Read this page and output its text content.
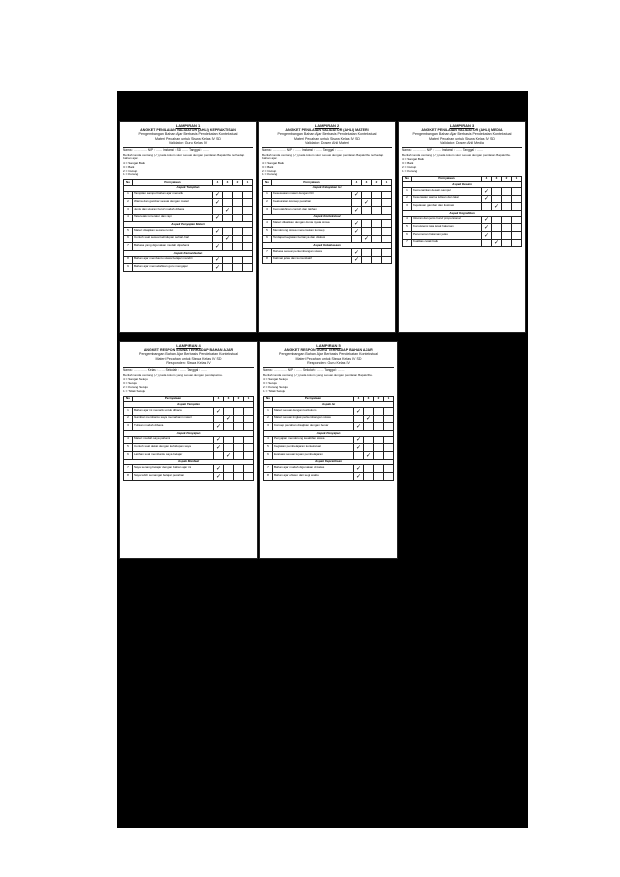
LAMPIRAN 1
ANGKET PENILAIAN VALIDATOR (AHLI) KEPRAKTISAN
Pengembangan Bahan Ajar Berbasis Pendekatan Kontekstual
Materi Pecahan untuk Siswa Kelas IV SD
Validator: Guru Kelas IV
Nama : ………… NIP : …… Instansi : SD …… Tanggal : ……
Berilah tanda centang (✓) pada kolom skor sesuai dengan penilaian Bapak/Ibu terhadap bahan ajar.
4 = Sangat Baik
3 = Baik
2 = Cukup
1 = Kurang
No	Pernyataan	4	3	2	1
Aspek Tampilan					
1	Tampilan sampul bahan ajar menarik	✓			
2	Warna dan gambar sesuai dengan materi	✓			
3	Jenis dan ukuran huruf mudah dibaca		✓		
4	Tata letak isi teratur dan rapi	✓			
Aspek Penyajian Materi					
5	Materi disajikan secara runtut	✓			
6	Contoh soal sesuai kehidupan sehari-hari		✓		
7	Bahasa yang digunakan mudah dipahami	✓			
Aspek Kemanfaatan					
8	Bahan ajar membantu siswa belajar mandiri	✓			
9	Bahan ajar memudahkan guru mengajar	✓			
LAMPIRAN 2
ANGKET PENILAIAN VALIDATOR (AHLI) MATERI
Pengembangan Bahan Ajar Berbasis Pendekatan Kontekstual
Materi Pecahan untuk Siswa Kelas IV SD
Validator: Dosen Ahli Materi
Nama : ………… NIP : …… Instansi : …… Tanggal : ……
Berilah tanda centang (✓) pada kolom skor sesuai dengan penilaian Bapak/Ibu terhadap bahan ajar.
4 = Sangat Baik
3 = Baik
2 = Cukup
1 = Kurang
No	Pernyataan	4	3	2	1
Aspek Kelayakan Isi					
1	Kesesuaian materi dengan KD	✓			
2	Keakuratan konsep pecahan		✓		
3	Kemutakhiran contoh dan latihan	✓			
Aspek Kontekstual					
4	Materi dikaitkan dengan dunia nyata siswa	✓			
5	Mendorong siswa menemukan konsep	✓			
6	Terdapat kegiatan bertanya dan diskusi		✓		
Aspek Kebahasaan					
7	Bahasa sesuai perkembangan siswa	✓			
8	Kalimat jelas dan komunikatif	✓			
LAMPIRAN 3
ANGKET PENILAIAN VALIDATOR (AHLI) MEDIA
Pengembangan Bahan Ajar Berbasis Pendekatan Kontekstual
Materi Pecahan untuk Siswa Kelas IV SD
Validator: Dosen Ahli Media
Nama : ………… NIP : …… Instansi : …… Tanggal : ……
Berilah tanda centang (✓) pada kolom skor sesuai dengan penilaian Bapak/Ibu.
4 = Sangat Baik
3 = Baik
2 = Cukup
1 = Kurang
No	Pernyataan	4	3	2	1
Aspek Desain					
1	Kemenarikan desain sampul	✓			
2	Keserasian warna tulisan dan latar	✓			
3	Kejelasan gambar dan ilustrasi		✓		
Aspek Kegrafikan					
4	Ukuran dan jenis huruf proporsional	✓			
5	Konsistensi tata letak halaman	✓			
6	Penomoran halaman jelas	✓			
7	Kualitas cetak baik		✓		
LAMPIRAN 4
ANGKET RESPON SISWA TERHADAP BAHAN AJAR
Pengembangan Bahan Ajar Berbasis Pendekatan Kontekstual
Materi Pecahan untuk Siswa Kelas IV SD
Responden: Siswa Kelas IV
Nama : ………… Kelas : …… Sekolah : …… Tanggal : ……
Berilah tanda centang (✓) pada kolom yang sesuai dengan pendapatmu.
4 = Sangat Setuju
3 = Setuju
2 = Kurang Setuju
1 = Tidak Setuju
No	Pernyataan	4	3	2	1
Aspek Tampilan					
1	Bahan ajar ini menarik untuk dibaca	✓			
2	Gambar membantu saya memahami materi		✓		
3	Tulisan mudah dibaca	✓			
Aspek Penyajian					
4	Materi mudah saya pahami	✓			
5	Contoh soal dekat dengan kehidupan saya	✓			
6	Latihan soal membantu saya belajar		✓		
Aspek Manfaat					
7	Saya senang belajar dengan bahan ajar ini	✓			
8	Saya lebih semangat belajar pecahan	✓			
LAMPIRAN 5
ANGKET RESPON GURU TERHADAP BAHAN AJAR
Pengembangan Bahan Ajar Berbasis Pendekatan Kontekstual
Materi Pecahan untuk Siswa Kelas IV SD
Responden: Guru Kelas IV
Nama : ………… NIP : …… Sekolah : …… Tanggal : ……
Berilah tanda centang (✓) pada kolom yang sesuai dengan penilaian Bapak/Ibu.
4 = Sangat Setuju
3 = Setuju
2 = Kurang Setuju
1 = Tidak Setuju
No	Pernyataan	4	3	2	1
Aspek Isi					
1	Materi sesuai dengan kurikulum	✓			
2	Materi sesuai tingkat perkembangan siswa		✓		
3	Konsep pecahan disajikan dengan benar	✓			
Aspek Penyajian					
4	Penyajian mendorong keaktifan siswa	✓			
5	Kegiatan pembelajaran kontekstual	✓			
6	Evaluasi sesuai tujuan pembelajaran		✓		
Aspek Kepraktisan					
7	Bahan ajar mudah digunakan di kelas	✓			
8	Bahan ajar efisien dari segi waktu	✓			
